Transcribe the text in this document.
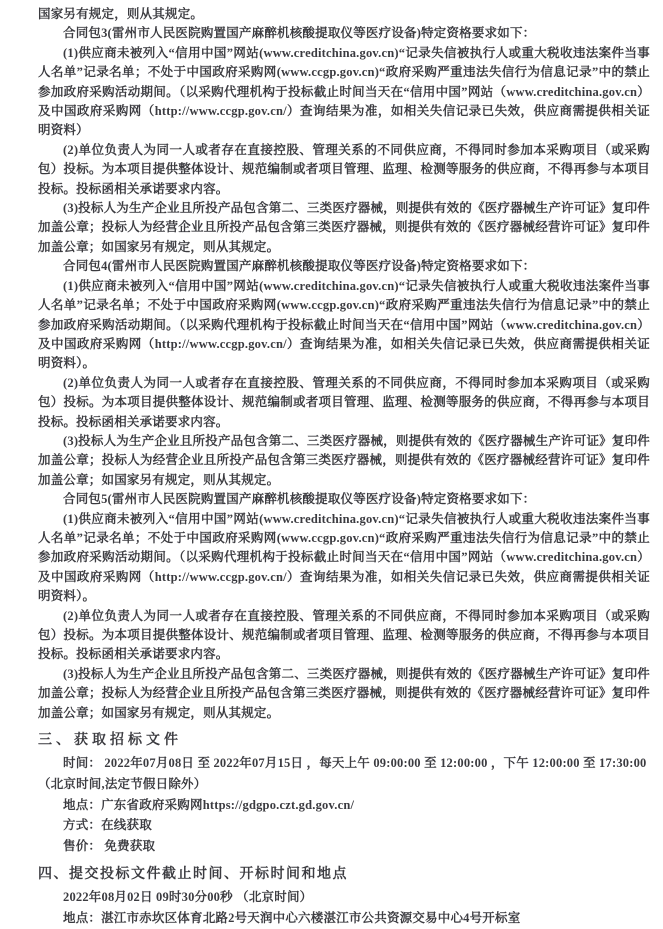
国家另有规定，则从其规定。

合同包3(雷州市人民医院购置国产麻醉机核酸提取仪等医疗设备)特定资格要求如下：

(1)供应商未被列入“信用中国”网站(www.creditchina.gov.cn)“记录失信被执行人或重大税收违法案件当事人名单”记录名单；不处于中国政府采购网(www.ccgp.gov.cn)“政府采购严重违法失信行为信息记录”中的禁止参加政府采购活动期间。（以采购代理机构于投标截止时间当天在“信用中国”网站（www.creditchina.gov.cn）及中国政府采购网（http://www.ccgp.gov.cn/）查询结果为准，如相关失信记录已失效，供应商需提供相关证明资料）

(2)单位负责人为同一人或者存在直接控股、管理关系的不同供应商，不得同时参加本采购项目（或采购包）投标。为本项目提供整体设计、规范编制或者项目管理、监理、检测等服务的供应商，不得再参与本项目投标。投标函相关承诺要求内容。

(3)投标人为生产企业且所投产品包含第二、三类医疗器械，则提供有效的《医疗器械生产许可证》复印件加盖公章；投标人为经营企业且所投产品包含第三类医疗器械，则提供有效的《医疗器械经营许可证》复印件加盖公章；如国家另有规定，则从其规定。

合同包4(雷州市人民医院购置国产麻醉机核酸提取仪等医疗设备)特定资格要求如下：

(1)供应商未被列入“信用中国”网站(www.creditchina.gov.cn)“记录失信被执行人或重大税收违法案件当事人名单”记录名单；不处于中国政府采购网(www.ccgp.gov.cn)“政府采购严重违法失信行为信息记录”中的禁止参加政府采购活动期间。（以采购代理机构于投标截止时间当天在“信用中国”网站（www.creditchina.gov.cn）及中国政府采购网（http://www.ccgp.gov.cn/）查询结果为准，如相关失信记录已失效，供应商需提供相关证明资料）。

(2)单位负责人为同一人或者存在直接控股、管理关系的不同供应商，不得同时参加本采购项目（或采购包）投标。为本项目提供整体设计、规范编制或者项目管理、监理、检测等服务的供应商，不得再参与本项目投标。投标函相关承诺要求内容。

(3)投标人为生产企业且所投产品包含第二、三类医疗器械，则提供有效的《医疗器械生产许可证》复印件加盖公章；投标人为经营企业且所投产品包含第三类医疗器械，则提供有效的《医疗器械经营许可证》复印件加盖公章；如国家另有规定，则从其规定。

合同包5(雷州市人民医院购置国产麻醉机核酸提取仪等医疗设备)特定资格要求如下：

(1)供应商未被列入“信用中国”网站(www.creditchina.gov.cn)“记录失信被执行人或重大税收违法案件当事人名单”记录名单；不处于中国政府采购网(www.ccgp.gov.cn)“政府采购严重违法失信行为信息记录”中的禁止参加政府采购活动期间。（以采购代理机构于投标截止时间当天在“信用中国”网站（www.creditchina.gov.cn）及中国政府采购网（http://www.ccgp.gov.cn/）查询结果为准，如相关失信记录已失效，供应商需提供相关证明资料）。

(2)单位负责人为同一人或者存在直接控股、管理关系的不同供应商，不得同时参加本采购项目（或采购包）投标。为本项目提供整体设计、规范编制或者项目管理、监理、检测等服务的供应商，不得再参与本项目投标。投标函相关承诺要求内容。

(3)投标人为生产企业且所投产品包含第二、三类医疗器械，则提供有效的《医疗器械生产许可证》复印件加盖公章；投标人为经营企业且所投产品包含第三类医疗器械，则提供有效的《医疗器械经营许可证》复印件加盖公章；如国家另有规定，则从其规定。

三、获取招标文件

时间： 2022年07月08日 至 2022年07月15日 ，每天上午 09:00:00 至 12:00:00 ，下午 12:00:00 至 17:30:00

（北京时间,法定节假日除外）

地点：广东省政府采购网https://gdgpo.czt.gd.gov.cn/

方式：在线获取

售价： 免费获取

四、提交投标文件截止时间、开标时间和地点

2022年08月02日 09时30分00秒 （北京时间）

地点：湛江市赤坎区体育北路2号天润中心六楼湛江市公共资源交易中心4号开标室
